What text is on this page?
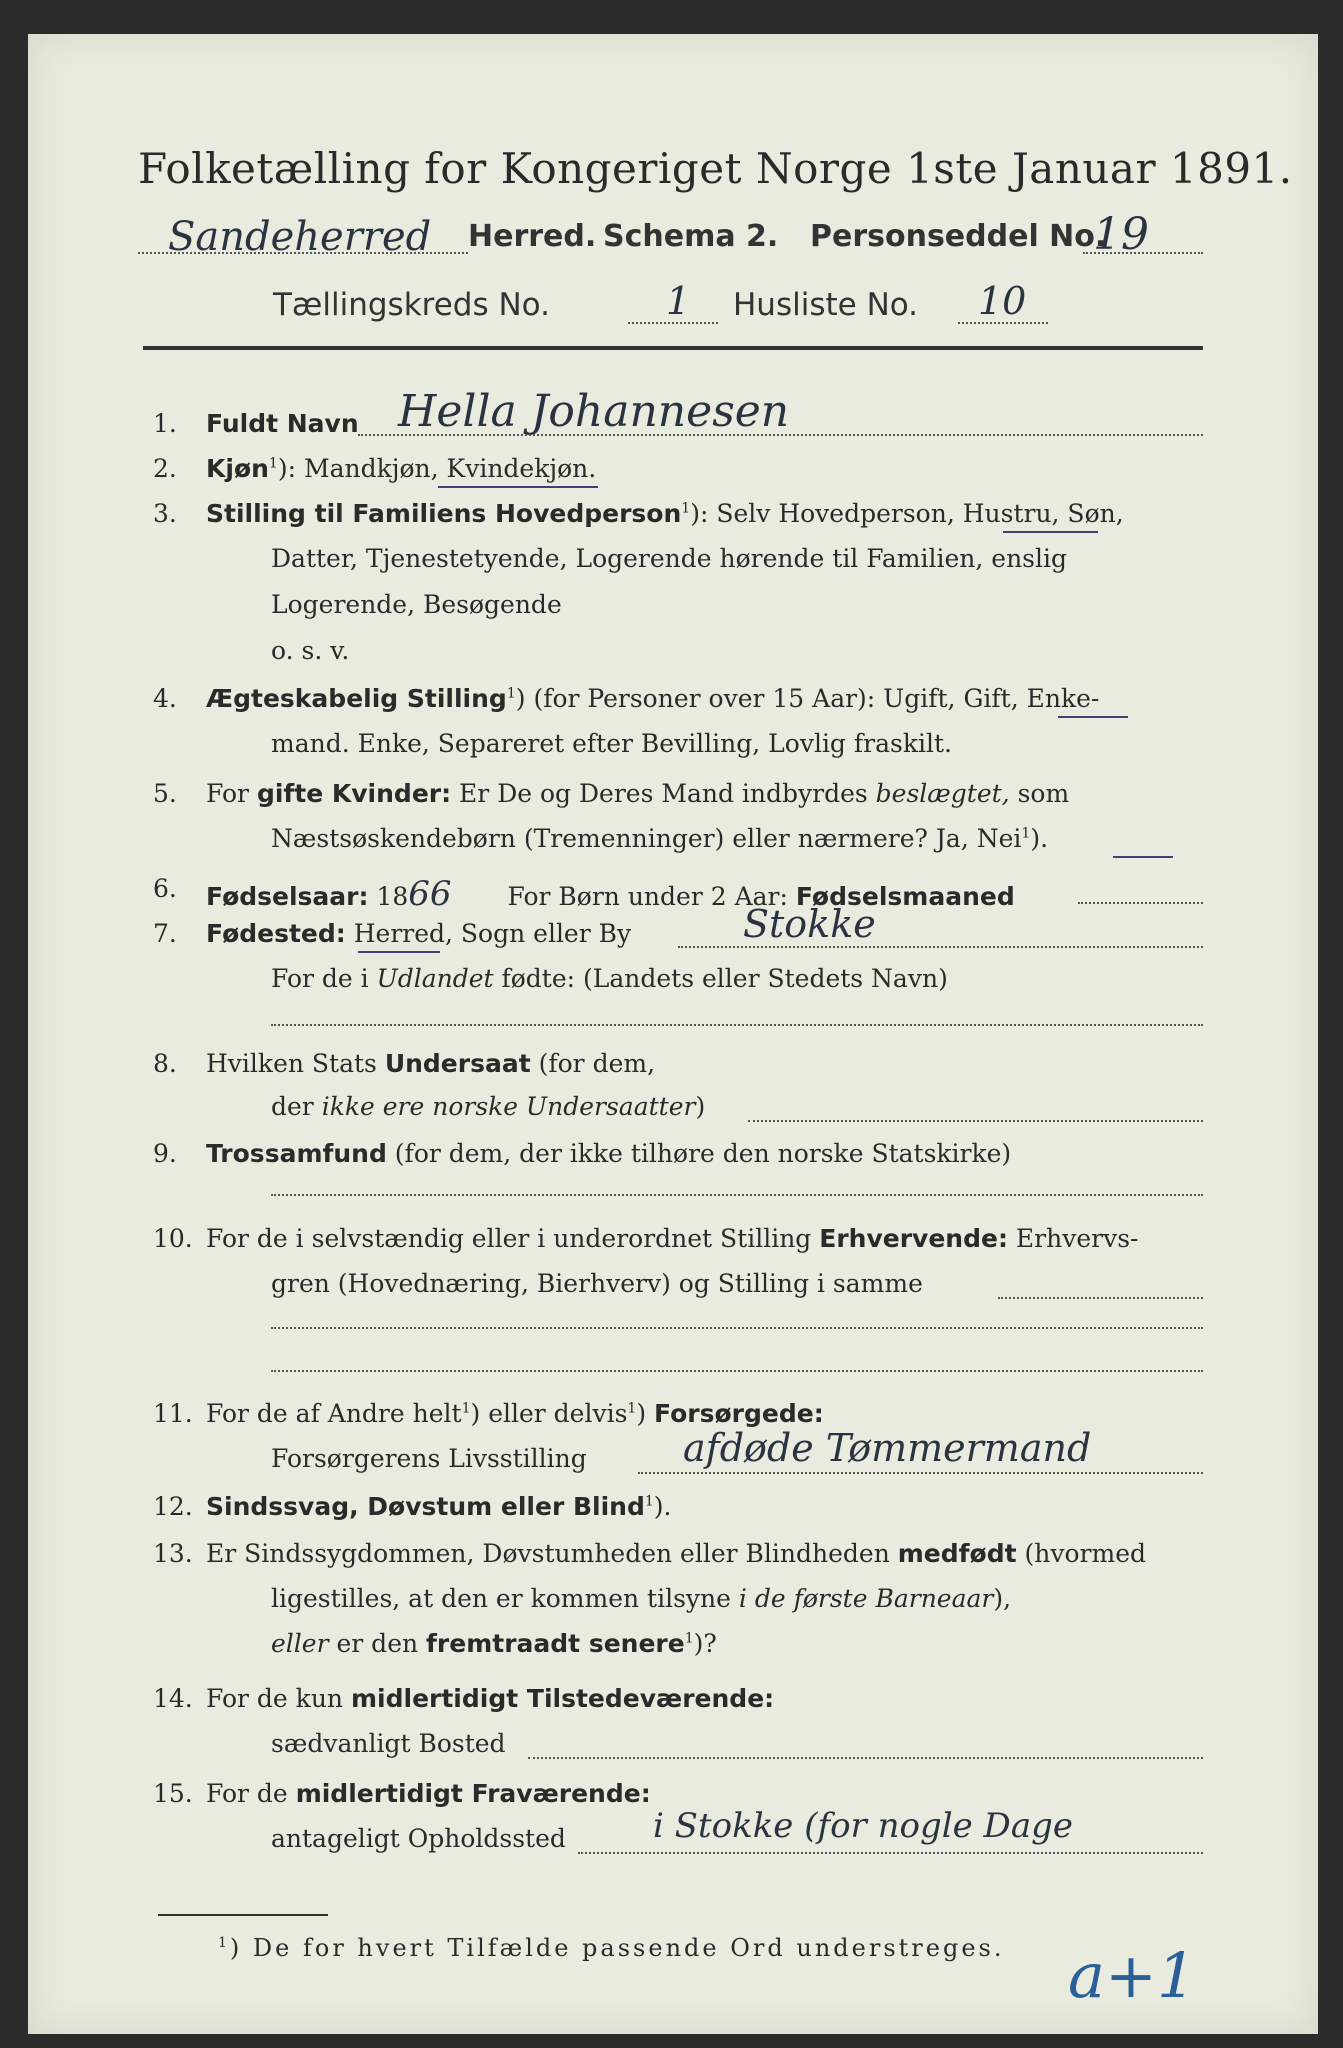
Folketælling for Kongeriget Norge 1ste Januar 1891.
Sandeherred Herred. Schema 2. Personseddel No.
19
Tællingskreds No.	1 Husliste No. 10
1. Fuldt Navn Hella Johannesen
2. Kjøn$^1$): Mandkjøn, Kvindekjøn.
3. Stilling til Familiens Hovedperson$^1$): Selv Hovedperson, Hustru, Søn,
Datter, Tjenestetyende, Logerende hørende til Familien, enslig
Logerende, Besøgende
o. s. v.
4. Ægteskabelig Stilling$^1$) (for Personer over 15 Aar): Ugift, Gift, Enke-
mand. Enke, Separeret efter Bevilling, Lovlig fraskilt.
5. For gifte Kvinder: Er De og Deres Mand indbyrdes beslægtet, som
Næstsøskendebørn (Tremenninger) eller nærmere? Ja, Nei$^1$).
6. Fødselsaar: 1866 For Børn under 2 Aar: Fødselsmaaned
7. Fødested: Herred, Sogn eller By	Stokke
For de i Udlandet fødte: (Landets eller Stedets Navn)
8. Hvilken Stats Undersaat (for dem,
der ikke ere norske Undersaatter)
9. Trossamfund (for dem, der ikke tilhøre den norske Statskirke)
10. For de i selvstændig eller i underordnet Stilling Erhvervende: Erhvervs-
gren (Hovednæring, Bierhverv) og Stilling i samme
11. For de af Andre helt$^1$) eller delvis$^1$) Forsørgede:
Forsørgerens Livsstilling	afdøde Tømmermand
12. Sindssvag, Døvstum eller Blind$^1$).
13. Er Sindssygdommen, Døvstumheden eller Blindheden medfødt (hvormed
ligestilles, at den er kommen tilsyne i de første Barneaar),
eller er den fremtraadt senere$^1$)?
14. For de kun midlertidigt Tilstedeværende:
sædvanligt Bosted
15. For de midlertidigt Fraværende:
antageligt Opholdssted	i Stokke (for nogle Dage
$^1$) De for hvert Tilfælde passende Ord understreges. a+1
